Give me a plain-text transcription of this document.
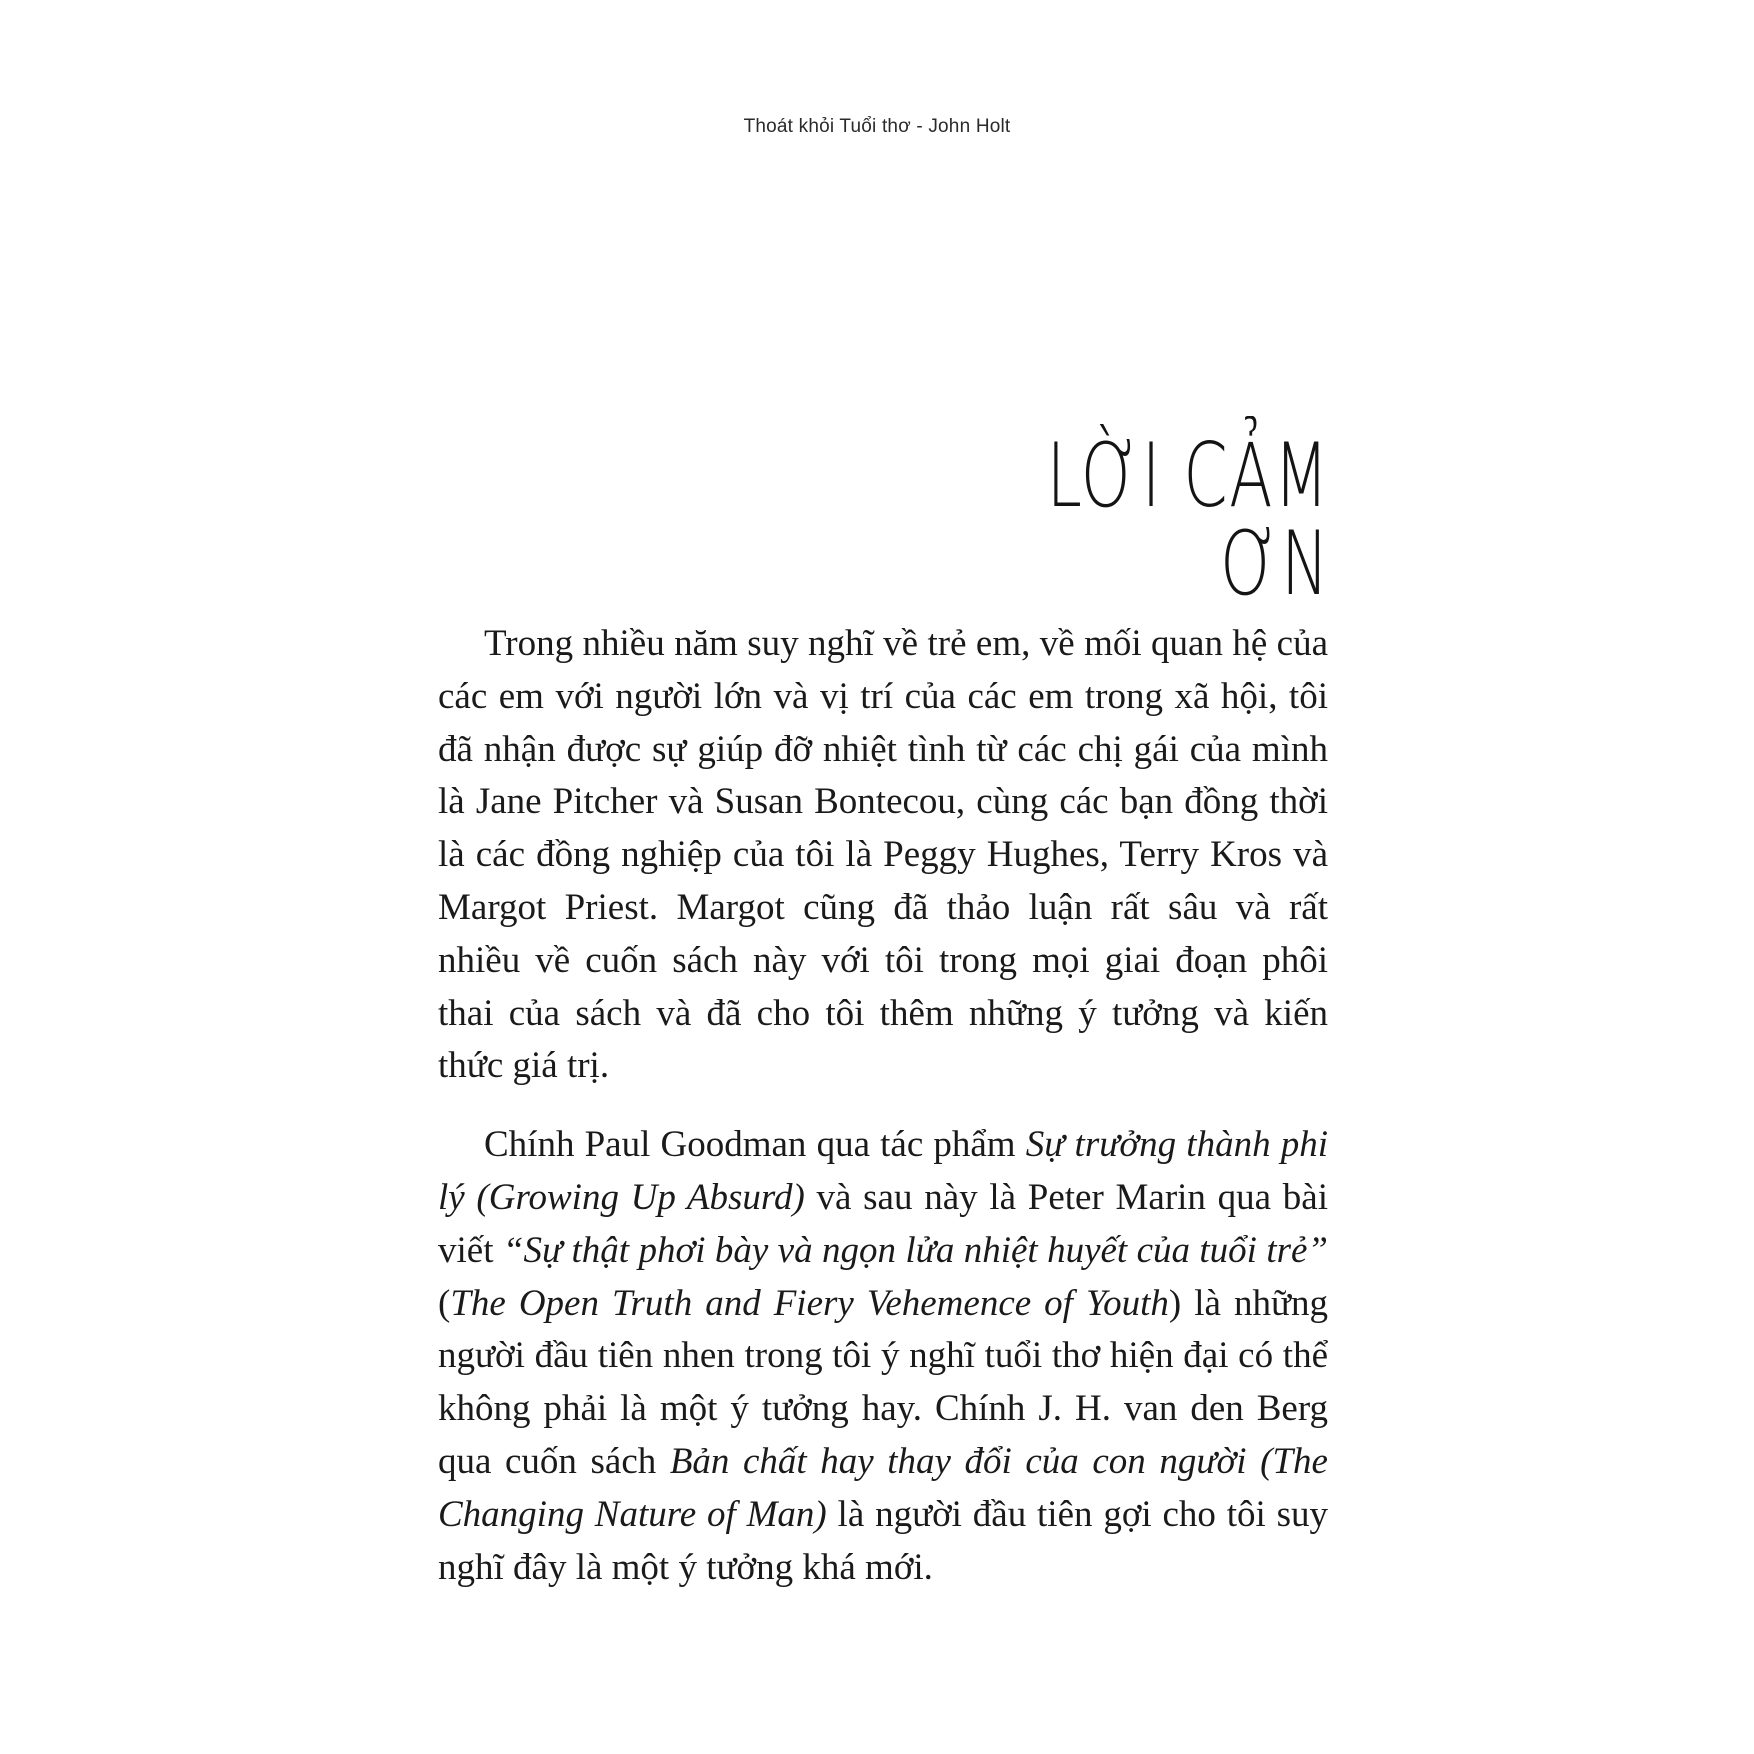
Thoát khỏi Tuổi thơ - John Holt
LỜI CẢM ƠN

Trong nhiều năm suy nghĩ về trẻ em, về mối quan hệ của các em với người lớn và vị trí của các em trong xã hội, tôi đã nhận được sự giúp đỡ nhiệt tình từ các chị gái của mình là Jane Pitcher và Susan Bontecou, cùng các bạn đồng thời là các đồng nghiệp của tôi là Peggy Hughes, Terry Kros và Margot Priest. Margot cũng đã thảo luận rất sâu và rất nhiều về cuốn sách này với tôi trong mọi giai đoạn phôi thai của sách và đã cho tôi thêm những ý tưởng và kiến thức giá trị.

Chính Paul Goodman qua tác phẩm Sự trưởng thành phi lý (Growing Up Absurd) và sau này là Peter Marin qua bài viết “Sự thật phơi bày và ngọn lửa nhiệt huyết của tuổi trẻ” (The Open Truth and Fiery Vehemence of Youth) là những người đầu tiên nhen trong tôi ý nghĩ tuổi thơ hiện đại có thể không phải là một ý tưởng hay. Chính J. H. van den Berg qua cuốn sách Bản chất hay thay đổi của con người (The Changing Nature of Man) là người đầu tiên gợi cho tôi suy nghĩ đây là một ý tưởng khá mới.
